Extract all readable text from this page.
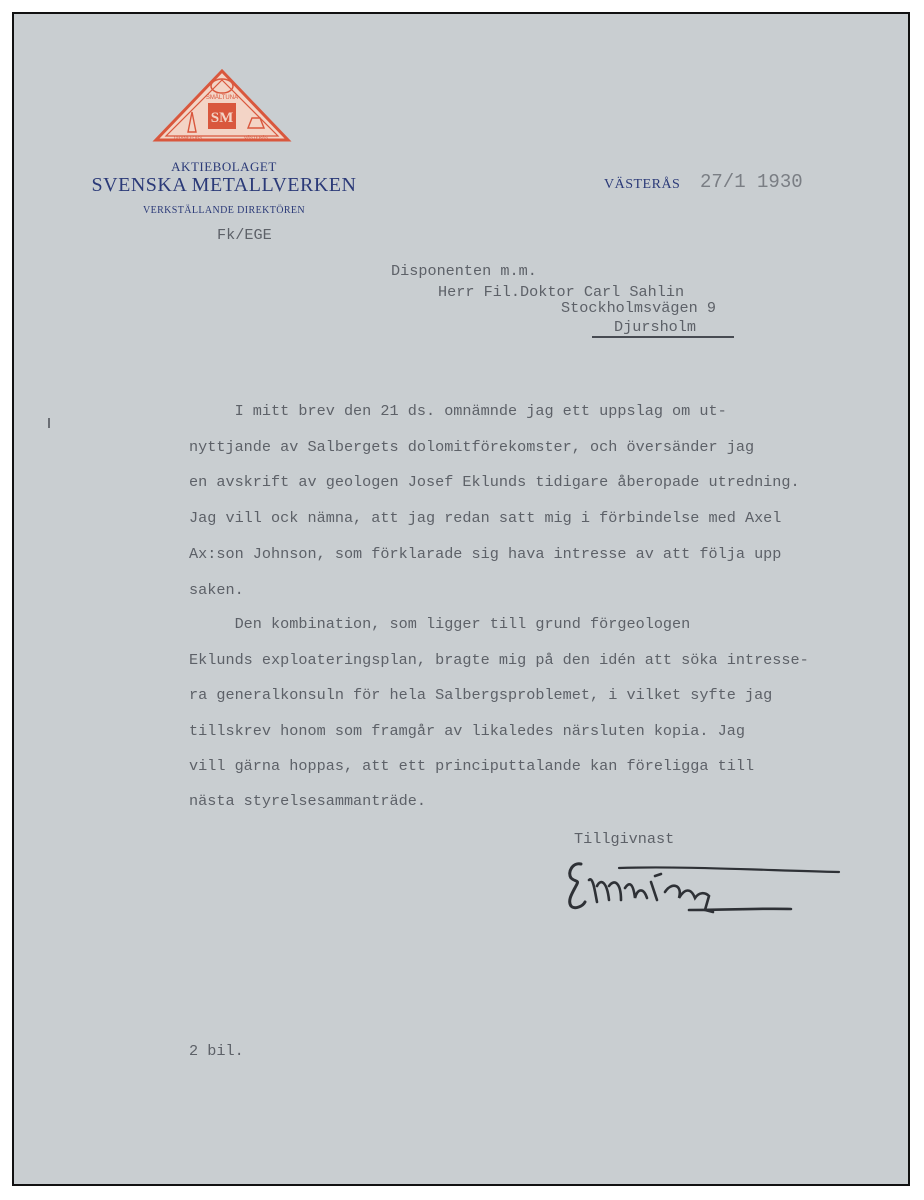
SMÅLTUNA
SM
GRANEFORS	VÄSTERÅS
AKTIEBOLAGET
SVENSKA METALLVERKEN
VERKSTÄLLANDE DIREKTÖREN
VÄSTERÅS 27/1 1930
Fk/EGE
Disponenten m.m.
Herr Fil.Doktor Carl Sahlin
Stockholmsvägen 9
Djursholm
I mitt brev den 21 ds. omnämnde jag ett uppslag om ut-
nyttjande av Salbergets dolomitförekomster, och översänder jag
en avskrift av geologen Josef Eklunds tidigare åberopade utredning.
Jag vill ock nämna, att jag redan satt mig i förbindelse med Axel
Ax:son Johnson, som förklarade sig hava intresse av att följa upp
saken.
Den kombination, som ligger till grund förgeologen
Eklunds exploateringsplan, bragte mig på den idén att söka intresse-
ra generalkonsuln för hela Salbergsproblemet, i vilket syfte jag
tillskrev honom som framgår av likaledes närsluten kopia. Jag
vill gärna hoppas, att ett principuttalande kan föreligga till
nästa styrelsesammanträde.
Tillgivnast
2 bil.
